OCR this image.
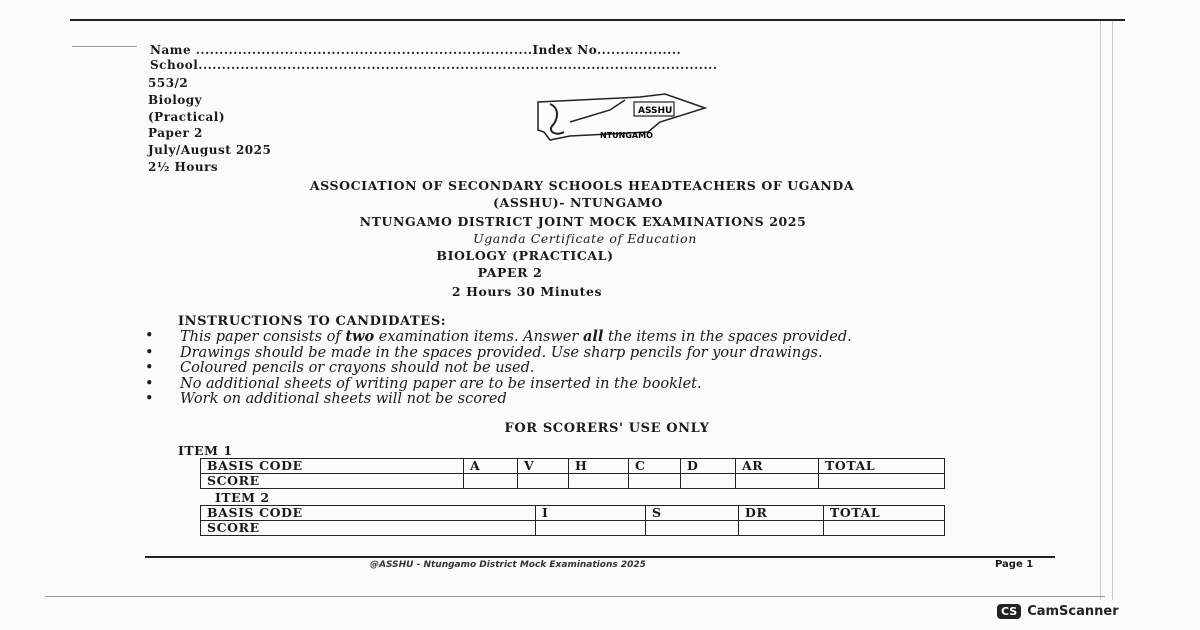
Name ........................................................................Index No..................
School...............................................................................................................
553/2
Biology
(Practical)
Paper 2
July/August 2025
2½ Hours
ASSHU
NTUNGAMO
ASSOCIATION OF SECONDARY SCHOOLS HEADTEACHERS OF UGANDA
(ASSHU)- NTUNGAMO
NTUNGAMO DISTRICT JOINT MOCK EXAMINATIONS 2025
Uganda Certificate of Education
BIOLOGY (PRACTICAL)
PAPER 2
2 Hours 30 Minutes
INSTRUCTIONS TO CANDIDATES:
• This paper consists of two examination items. Answer all the items in the spaces provided.
• Drawings should be made in the spaces provided. Use sharp pencils for your drawings.
• Coloured pencils or crayons should not be used.
• No additional sheets of writing paper are to be inserted in the booklet.
• Work on additional sheets will not be scored
FOR SCORERS' USE ONLY
ITEM 1
BASIS CODE	A	V	H	C	D	AR	TOTAL
SCORE							
ITEM 2
BASIS CODE	I	S	DR	TOTAL
SCORE				
@ASSHU - Ntungamo District Mock Examinations 2025	Page 1
CS CamScanner
